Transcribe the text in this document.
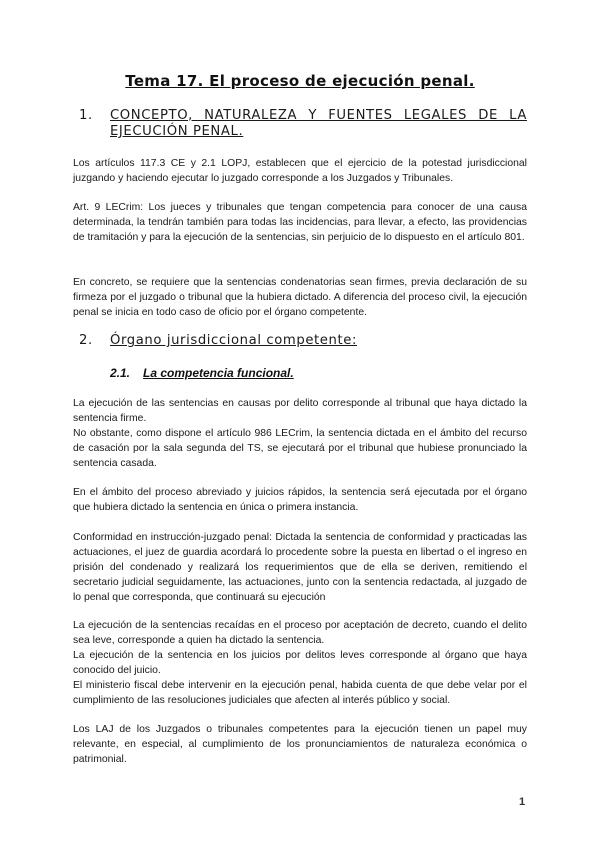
Tema 17. El proceso de ejecución penal.
1. CONCEPTO, NATURALEZA Y FUENTES LEGALES DE LA EJECUCIÓN PENAL.
Los artículos 117.3 CE y 2.1 LOPJ, establecen que el ejercicio de la potestad jurisdiccional juzgando y haciendo ejecutar lo juzgado corresponde a los Juzgados y Tribunales.
Art. 9 LECrim: Los jueces y tribunales que tengan competencia para conocer de una causa determinada, la tendrán también para todas las incidencias, para llevar, a efecto, las providencias de tramitación y para la ejecución de la sentencias, sin perjuicio de lo dispuesto en el artículo 801.
En concreto, se requiere que la sentencias condenatorias sean firmes, previa declaración de su firmeza por el juzgado o tribunal que la hubiera dictado. A diferencia del proceso civil, la ejecución penal se inicia en todo caso de oficio por el órgano competente.
2. Órgano jurisdiccional competente:
2.1. La competencia funcional.
La ejecución de las sentencias en causas por delito corresponde al tribunal que haya dictado la sentencia firme.
No obstante, como dispone el artículo 986 LECrim, la sentencia dictada en el ámbito del recurso de casación por la sala segunda del TS, se ejecutará por el tribunal que hubiese pronunciado la sentencia casada.
En el ámbito del proceso abreviado y juicios rápidos, la sentencia será ejecutada por el órgano que hubiera dictado la sentencia en única o primera instancia.
Conformidad en instrucción-juzgado penal: Dictada la sentencia de conformidad y practicadas las actuaciones, el juez de guardia acordará lo procedente sobre la puesta en libertad o el ingreso en prisión del condenado y realizará los requerimientos que de ella se deriven, remitiendo el secretario judicial seguidamente, las actuaciones, junto con la sentencia redactada, al juzgado de lo penal que corresponda, que continuará su ejecución
La ejecución de la sentencias recaídas en el proceso por aceptación de decreto, cuando el delito sea leve, corresponde a quien ha dictado la sentencia.
La ejecución de la sentencia en los juicios por delitos leves corresponde al órgano que haya conocido del juicio.
El ministerio fiscal debe intervenir en la ejecución penal, habida cuenta de que debe velar por el cumplimiento de las resoluciones judiciales que afecten al interés público y social.
Los LAJ de los Juzgados o tribunales competentes para la ejecución tienen un papel muy relevante, en especial, al cumplimiento de los pronunciamientos de naturaleza económica o patrimonial.
1
